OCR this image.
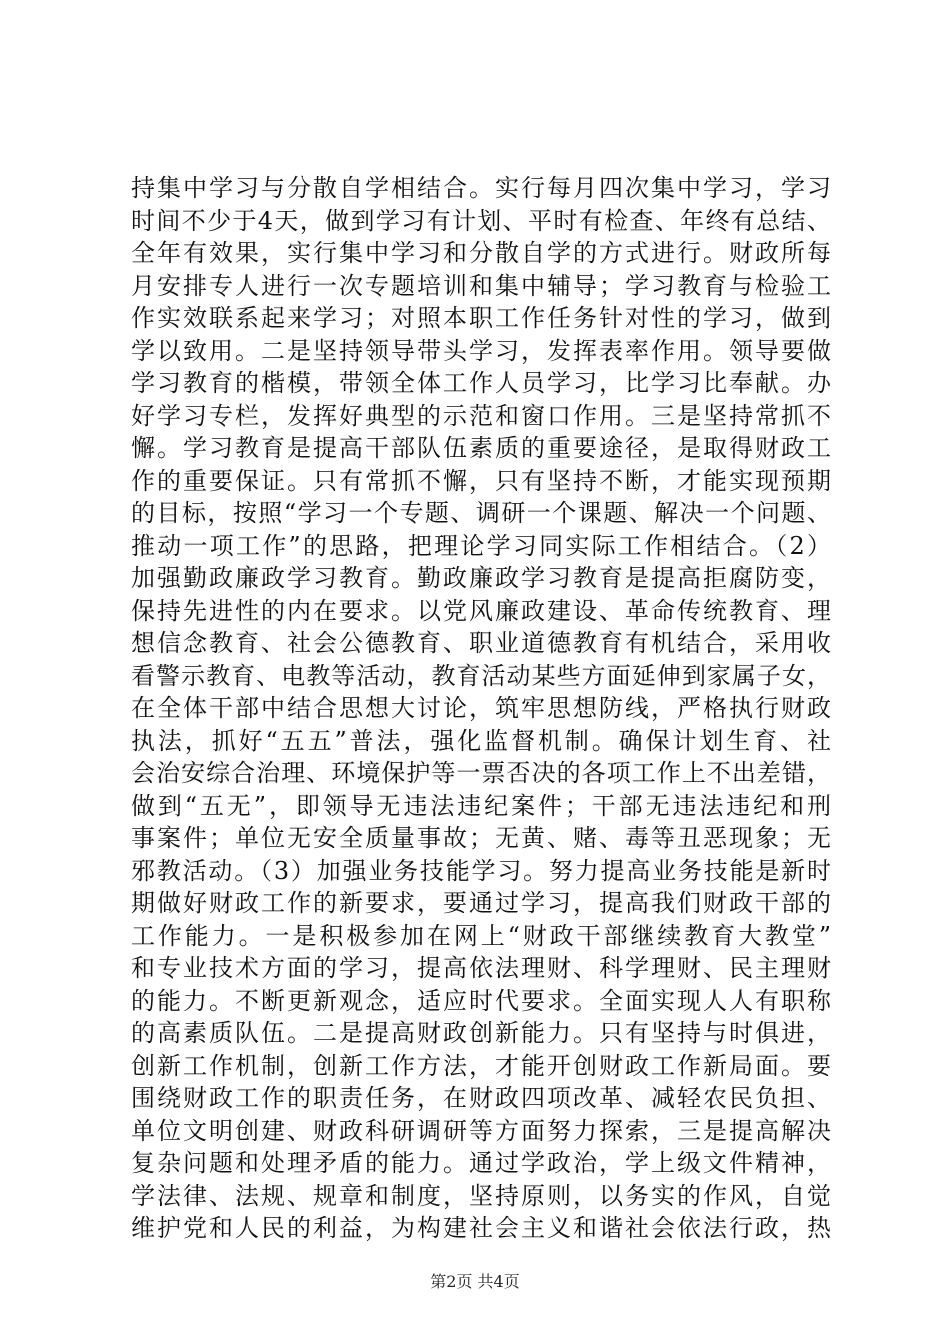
持集中学习与分散自学相结合。实行每月四次集中学习，学习
时间不少于4天，做到学习有计划、平时有检查、年终有总结、
全年有效果，实行集中学习和分散自学的方式进行。财政所每
月安排专人进行一次专题培训和集中辅导；学习教育与检验工
作实效联系起来学习；对照本职工作任务针对性的学习，做到
学以致用。二是坚持领导带头学习，发挥表率作用。领导要做
学习教育的楷模，带领全体工作人员学习，比学习比奉献。办
好学习专栏，发挥好典型的示范和窗口作用。三是坚持常抓不
懈。学习教育是提高干部队伍素质的重要途径，是取得财政工
作的重要保证。只有常抓不懈，只有坚持不断，才能实现预期
的目标，按照“学习一个专题、调研一个课题、解决一个问题、
推动一项工作”的思路，把理论学习同实际工作相结合。（2）
加强勤政廉政学习教育。勤政廉政学习教育是提高拒腐防变，
保持先进性的内在要求。以党风廉政建设、革命传统教育、理
想信念教育、社会公德教育、职业道德教育有机结合，采用收
看警示教育、电教等活动，教育活动某些方面延伸到家属子女，
在全体干部中结合思想大讨论，筑牢思想防线，严格执行财政
执法，抓好“五五”普法，强化监督机制。确保计划生育、社
会治安综合治理、环境保护等一票否决的各项工作上不出差错，
做到“五无”，即领导无违法违纪案件；干部无违法违纪和刑
事案件；单位无安全质量事故；无黄、赌、毒等丑恶现象；无
邪教活动。（3）加强业务技能学习。努力提高业务技能是新时
期做好财政工作的新要求，要通过学习，提高我们财政干部的
工作能力。一是积极参加在网上“财政干部继续教育大教堂”
和专业技术方面的学习，提高依法理财、科学理财、民主理财
的能力。不断更新观念，适应时代要求。全面实现人人有职称
的高素质队伍。二是提高财政创新能力。只有坚持与时俱进，
创新工作机制，创新工作方法，才能开创财政工作新局面。要
围绕财政工作的职责任务，在财政四项改革、减轻农民负担、
单位文明创建、财政科研调研等方面努力探索，三是提高解决
复杂问题和处理矛盾的能力。通过学政治，学上级文件精神，
学法律、法规、规章和制度，坚持原则，以务实的作风，自觉
维护党和人民的利益，为构建社会主义和谐社会依法行政，热
第2页 共4页
